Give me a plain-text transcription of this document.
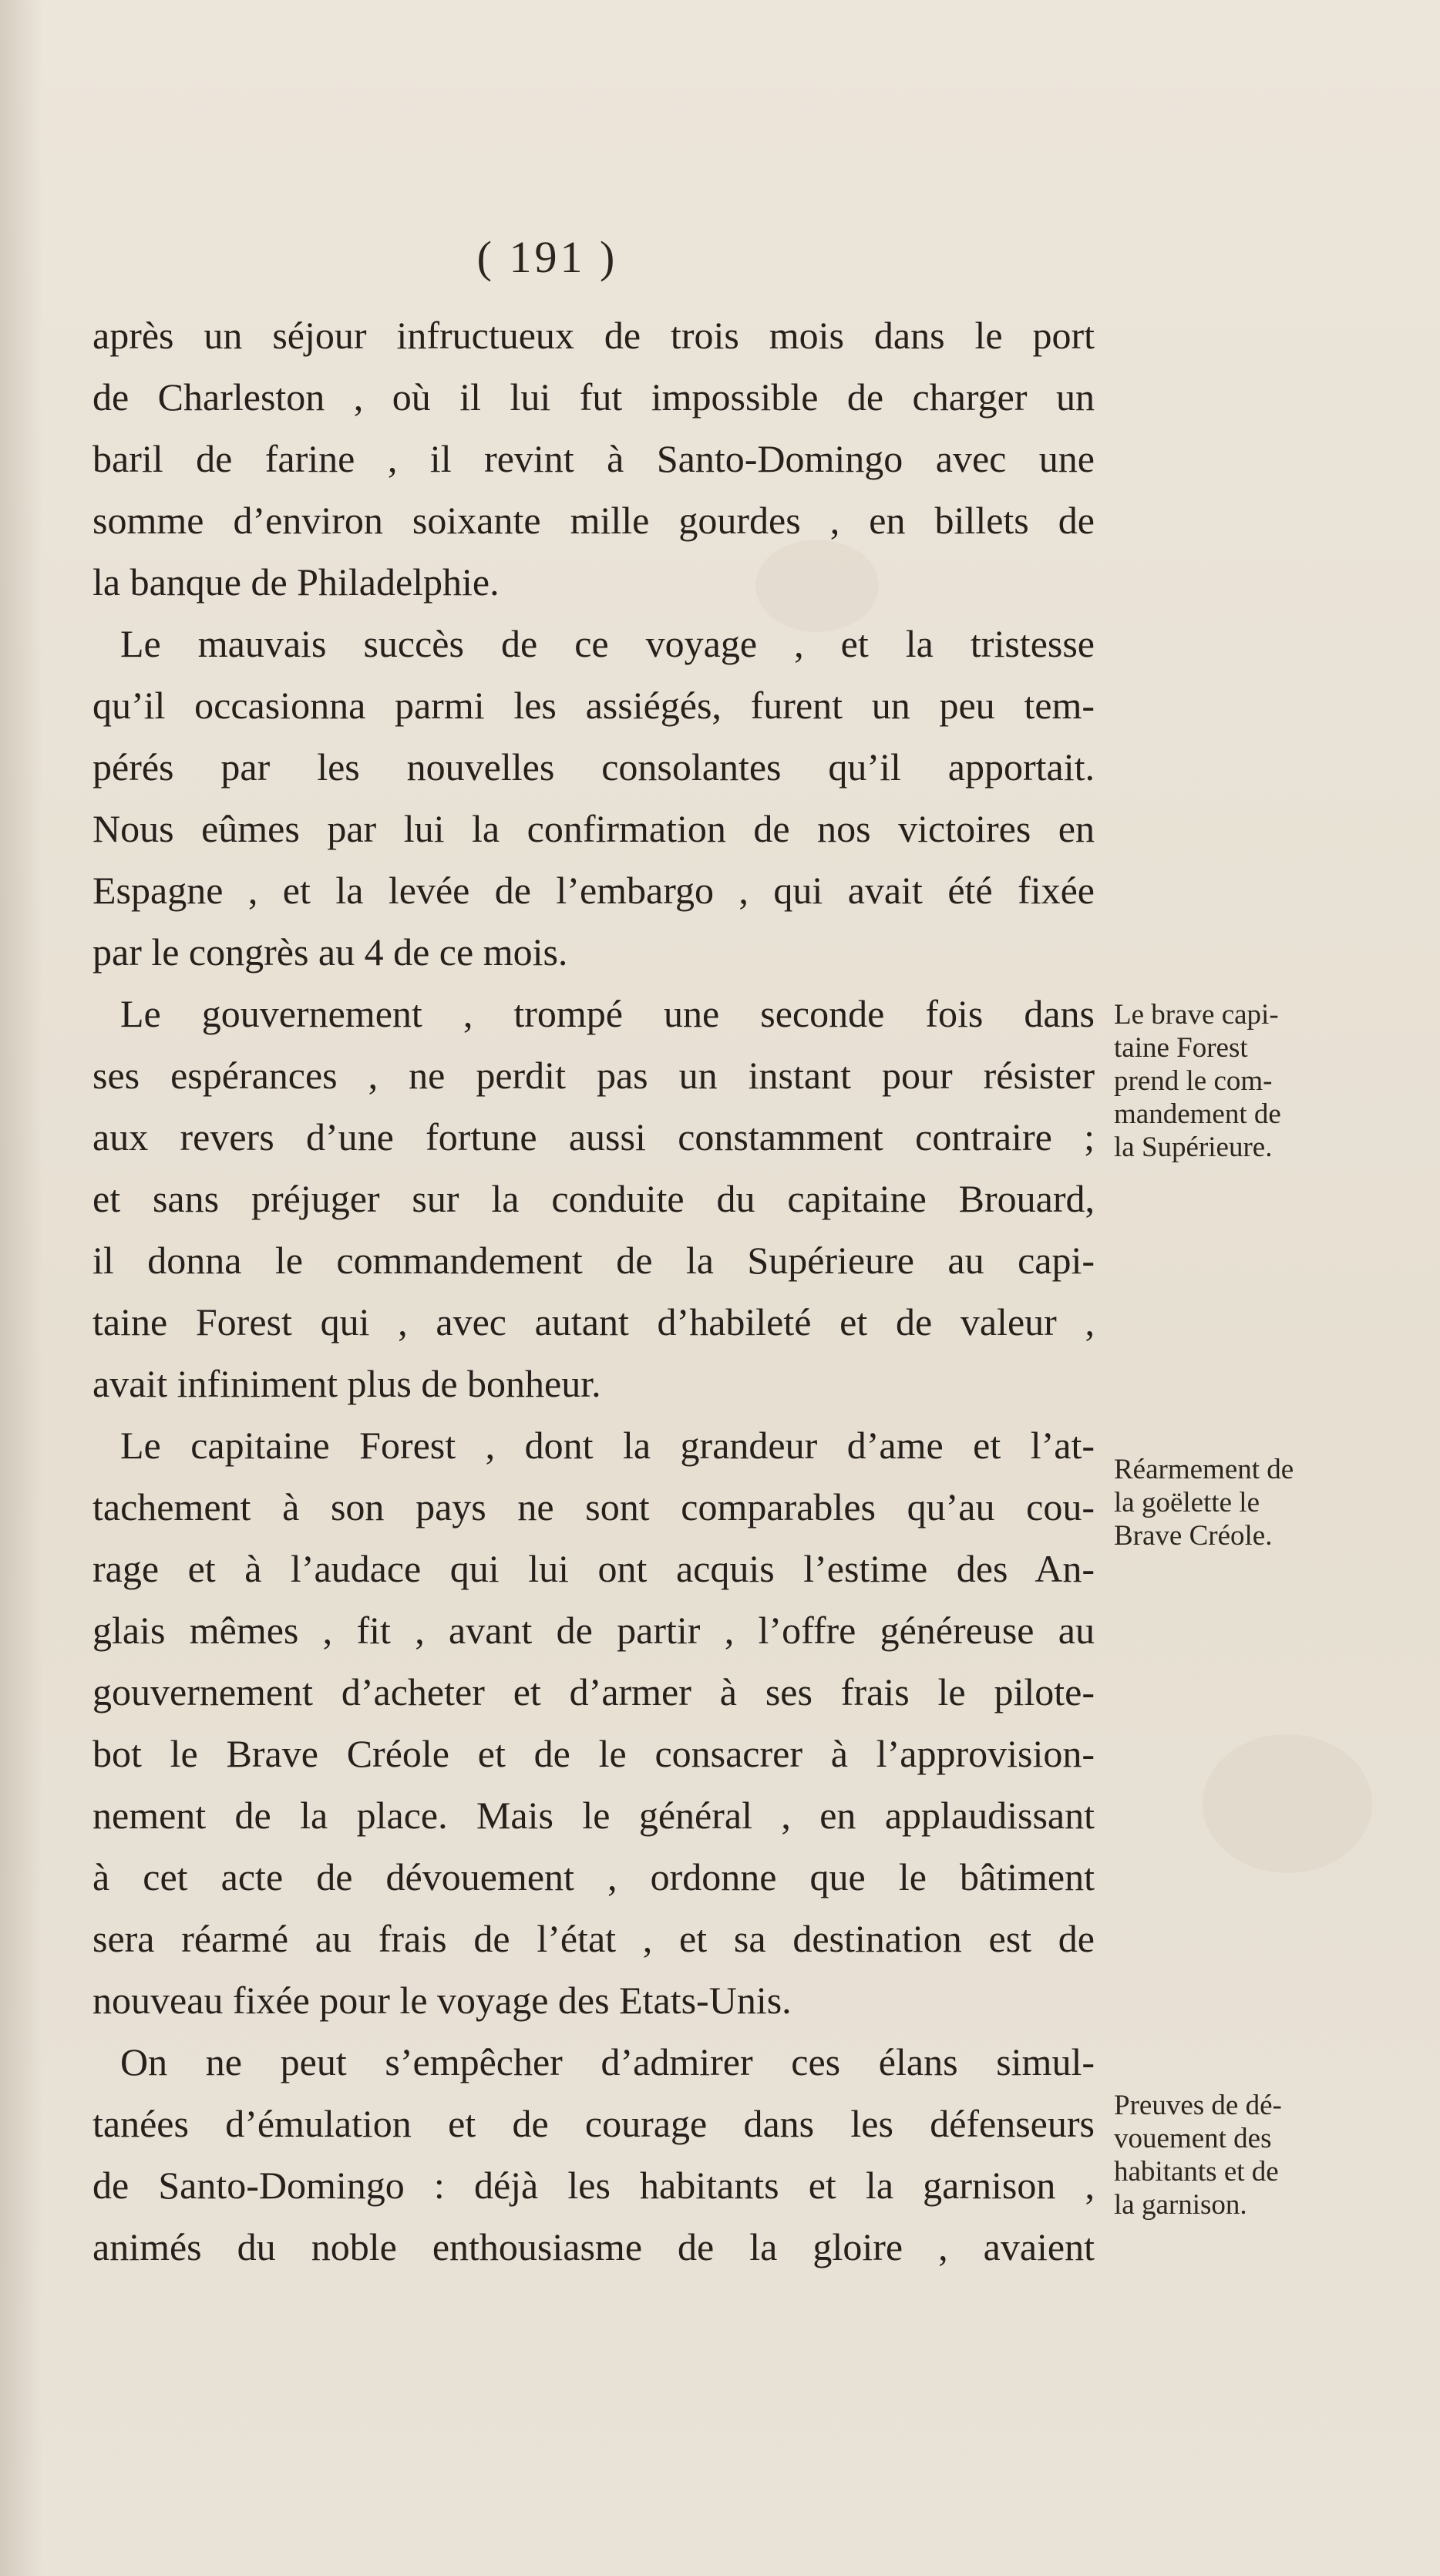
( 191 )
après un séjour infructueux de trois mois dans le port
de Charleston , où il lui fut impossible de charger un
baril de farine , il revint à Santo-Domingo avec une
somme d’environ soixante mille gourdes , en billets de
la banque de Philadelphie.
Le mauvais succès de ce voyage , et la tristesse
qu’il occasionna parmi les assiégés, furent un peu tem-
pérés par les nouvelles consolantes qu’il apportait.
Nous eûmes par lui la confirmation de nos victoires en
Espagne , et la levée de l’embargo , qui avait été fixée
par le congrès au 4 de ce mois.
Le gouvernement , trompé une seconde fois dans
ses espérances , ne perdit pas un instant pour résister
aux revers d’une fortune aussi constamment contraire ;
et sans préjuger sur la conduite du capitaine Brouard,
il donna le commandement de la Supérieure au capi-
taine Forest qui , avec autant d’habileté et de valeur ,
avait infiniment plus de bonheur.
Le capitaine Forest , dont la grandeur d’ame et l’at-
tachement à son pays ne sont comparables qu’au cou-
rage et à l’audace qui lui ont acquis l’estime des An-
glais mêmes , fit , avant de partir , l’offre généreuse au
gouvernement d’acheter et d’armer à ses frais le pilote-
bot le Brave Créole et de le consacrer à l’approvision-
nement de la place. Mais le général , en applaudissant
à cet acte de dévouement , ordonne que le bâtiment
sera réarmé au frais de l’état , et sa destination est de
nouveau fixée pour le voyage des Etats-Unis.
On ne peut s’empêcher d’admirer ces élans simul-
tanées d’émulation et de courage dans les défenseurs
de Santo-Domingo : déjà les habitants et la garnison ,
animés du noble enthousiasme de la gloire , avaient
Le brave capi-
taine Forest
prend le com-
mandement de
la Supérieure.
Réarmement de
la goëlette le
Brave Créole.
Preuves de dé-
vouement des
habitants et de
la garnison.
